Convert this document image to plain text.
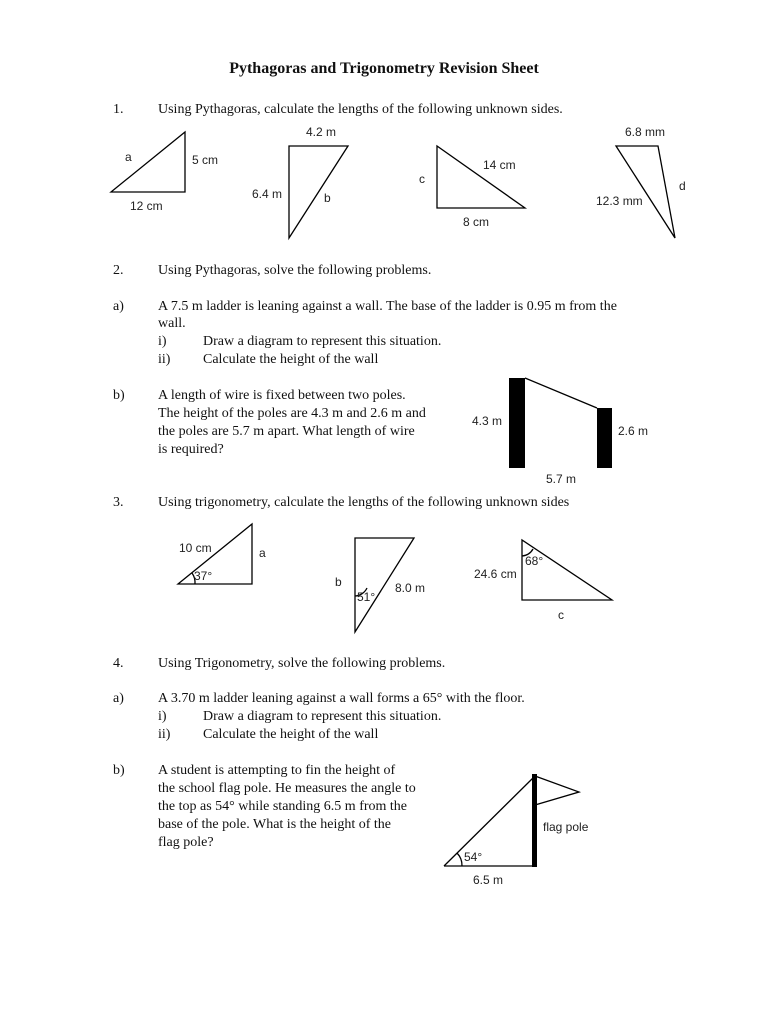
Pythagoras and Trigonometry Revision Sheet
1. Using Pythagoras, calculate the lengths of the following unknown sides.
a	5 cm
12 cm
4.2 m
6.4 m	b
c
14 cm
8 cm
6.8 mm
12.3 mm
d
4.3 m
2.6 m
5.7 m
10 cm	a
37°	b
51°
8.0 m
24.6 cm
68°
c
54°
6.5 m
flag pole
2. Using Pythagoras, solve the following problems.
a) A 7.5 m ladder is leaning against a wall. The base of the ladder is 0.95 m from the
wall.
i)	Draw a diagram to represent this situation.
ii) Calculate the height of the wall
b) A length of wire is fixed between two poles.
The height of the poles are 4.3 m and 2.6 m and
the poles are 5.7 m apart. What length of wire
is required?
3. Using trigonometry, calculate the lengths of the following unknown sides
4. Using Trigonometry, solve the following problems.
a) A 3.70 m ladder leaning against a wall forms a 65° with the floor.
i)	Draw a diagram to represent this situation.
ii) Calculate the height of the wall
b) A student is attempting to fin the height of
the school flag pole. He measures the angle to
the top as 54° while standing 6.5 m from the
base of the pole. What is the height of the
flag pole?
